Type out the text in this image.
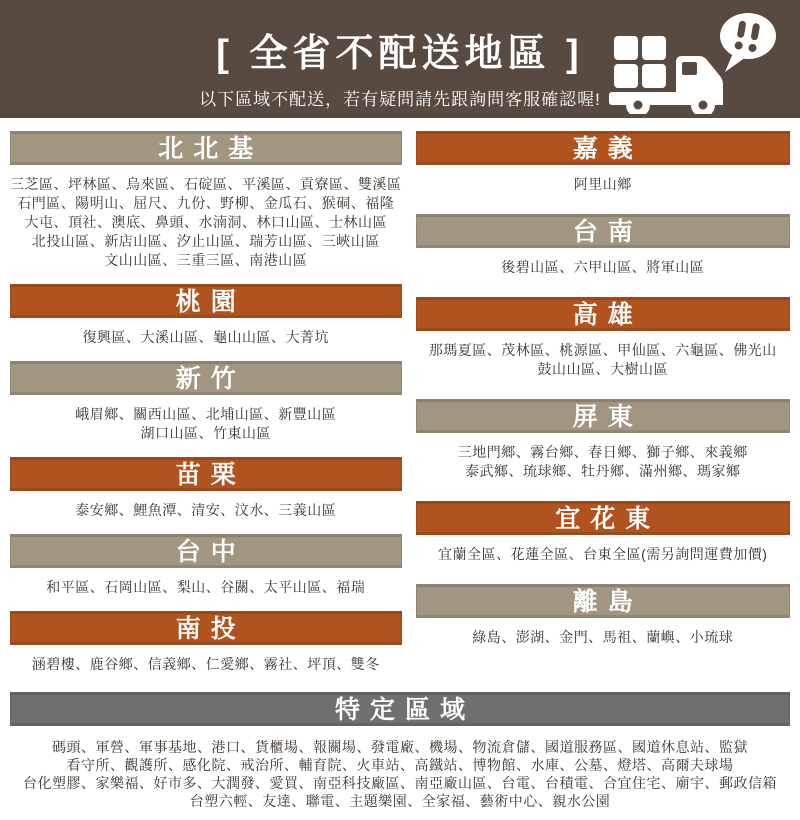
[ 全省不配送地區 ]
以下區域不配送，若有疑問請先跟詢問客服確認喔!
北北基
三芝區、坪林區、烏來區、石碇區、平溪區、貢寮區、雙溪區
石門區、陽明山、屈尺、九份、野柳、金瓜石、猴硐、福隆
大屯、頂社、澳底、鼻頭、水湳洞、林口山區、士林山區
北投山區、新店山區、汐止山區、瑞芳山區、三峽山區
文山山區、三重三區、南港山區
桃園
復興區、大溪山區、龜山山區、大菁坑
新竹
峨眉鄉、關西山區、北埔山區、新豐山區
湖口山區、竹東山區
苗栗
泰安鄉、鯉魚潭、清安、汶水、三義山區
台中
和平區、石岡山區、梨山、谷關、太平山區、福瑞
南投
涵碧樓、鹿谷鄉、信義鄉、仁愛鄉、霧社、坪頂、雙冬
嘉義
阿里山鄉
台南
後碧山區、六甲山區、將軍山區
高雄
那瑪夏區、茂林區、桃源區、甲仙區、六龜區、佛光山
鼓山山區、大樹山區
屏東
三地門鄉、霧台鄉、春日鄉、獅子鄉、來義鄉
泰武鄉、琉球鄉、牡丹鄉、滿州鄉、瑪家鄉
宜花東
宜蘭全區、花蓮全區、台東全區(需另詢問運費加價)
離島
綠島、澎湖、金門、馬祖、蘭嶼、小琉球
特定區域
碼頭、軍營、軍事基地、港口、貨櫃場、報關場、發電廠、機場、物流倉儲、國道服務區、國道休息站、監獄
看守所、觀護所、感化院、戒治所、輔育院、火車站、高鐵站、博物館、水庫、公墓、燈塔、高爾夫球場
台化塑膠、家樂福、好市多、大潤發、愛買、南亞科技廠區、南亞廠山區、台電、台積電、合宜住宅、廟宇、郵政信箱
台塑六輕、友達、聯電、主題樂園、全家福、藝術中心、親水公園
